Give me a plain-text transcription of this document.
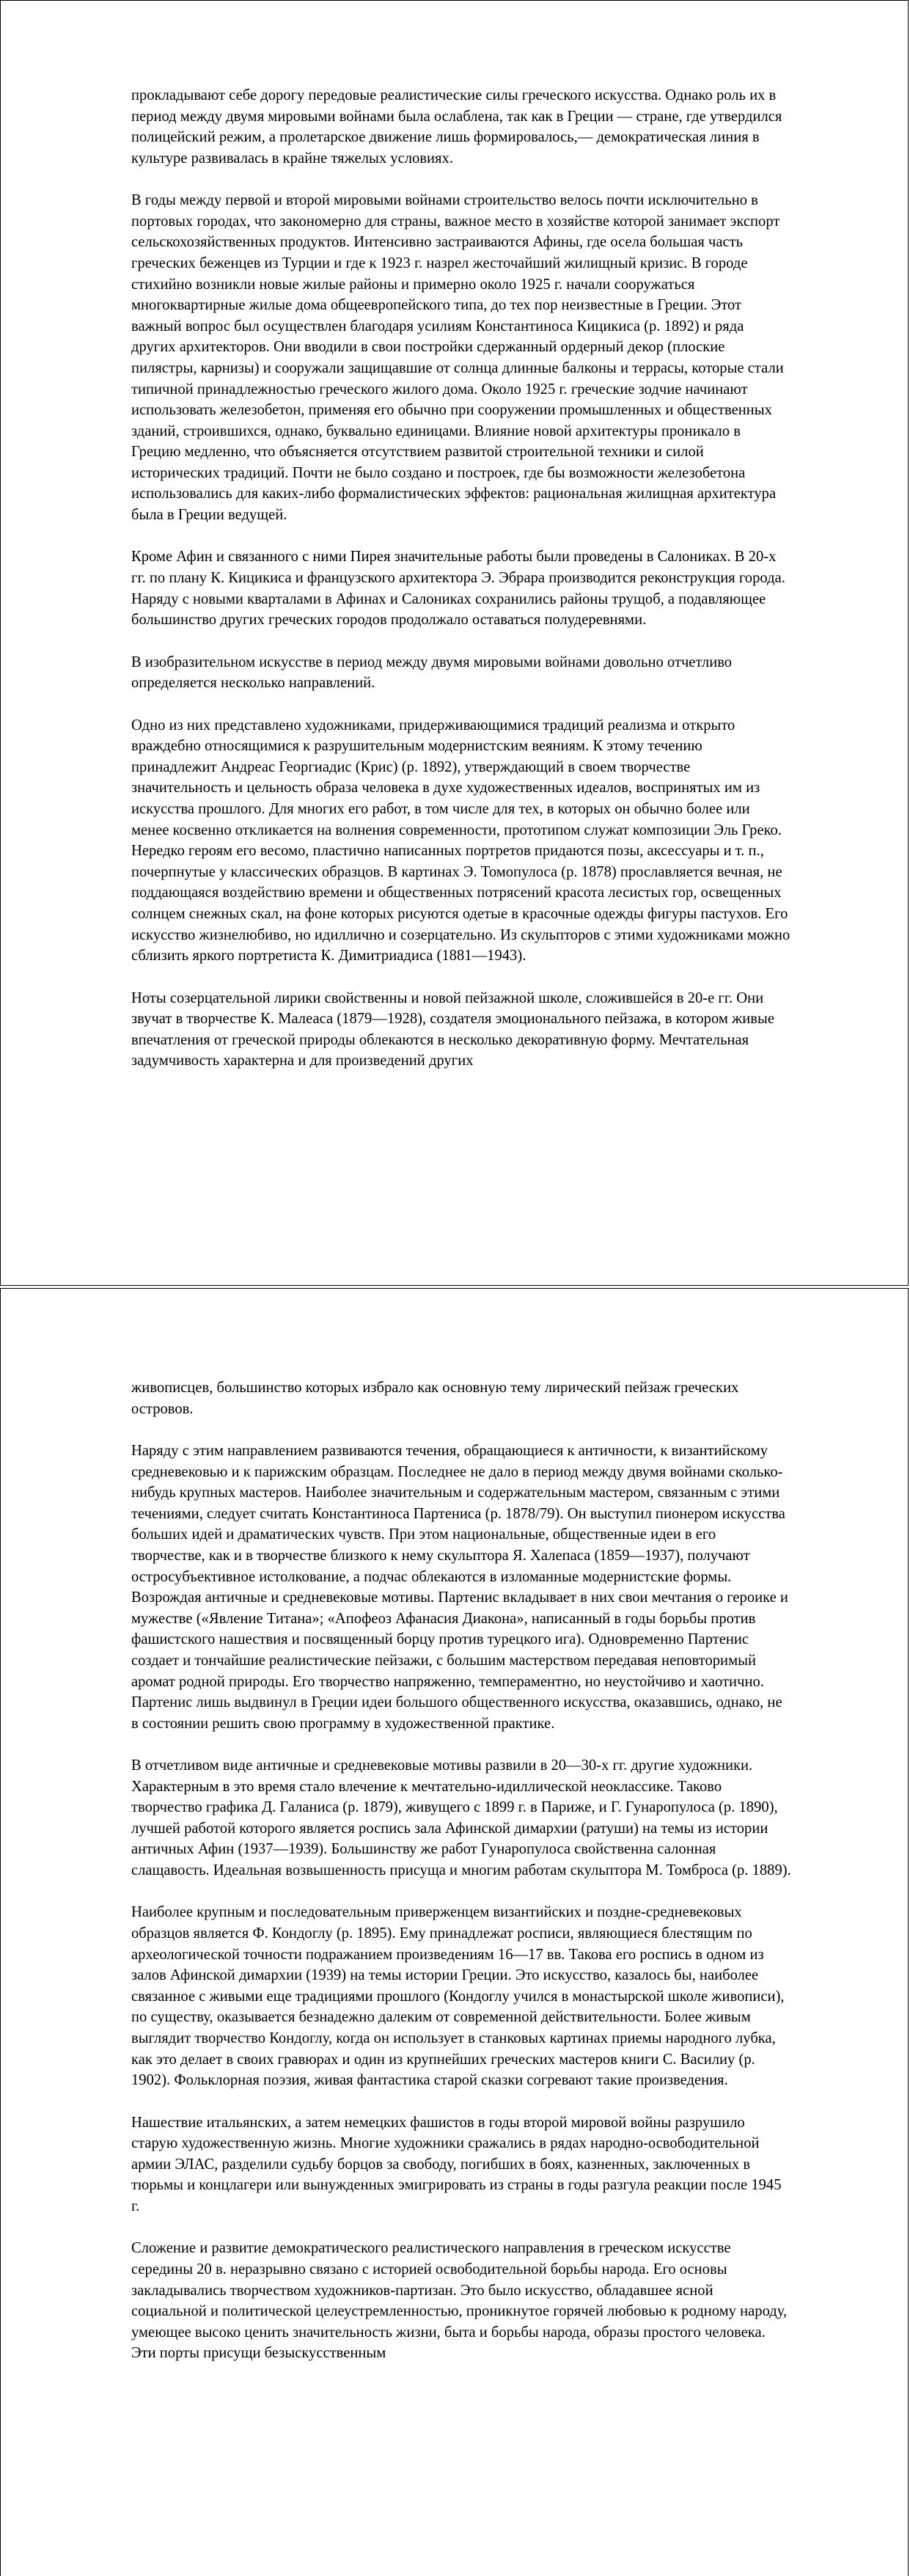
прокладывают себе дорогу передовые реалистические силы греческого искусства. Однако роль их в период между двумя мировыми войнами была ослаблена, так как в Греции — стране, где утвердился полицейский режим, а пролетарское движение лишь формировалось,— демократическая линия в культуре развивалась в крайне тяжелых условиях.

В годы между первой и второй мировыми войнами строительство велось почти исключительно в портовых городах, что закономерно для страны, важное место в хозяйстве которой занимает экспорт сельскохозяйственных продуктов. Интенсивно застраиваются Афины, где осела большая часть греческих беженцев из Турции и где к 1923 г. назрел жесточайший жилищный кризис. В городе стихийно возникли новые жилые районы и примерно около 1925 г. начали сооружаться многоквартирные жилые дома общеевропейского типа, до тех пор неизвестные в Греции. Этот важный вопрос был осуществлен благодаря усилиям Константиноса Кицикиса (р. 1892) и ряда других архитекторов. Они вводили в свои постройки сдержанный ордерный декор (плоские пилястры, карнизы) и сооружали защищавшие от солнца длинные балконы и террасы, которые стали типичной принадлежностью греческого жилого дома. Около 1925 г. греческие зодчие начинают использовать железобетон, применяя его обычно при сооружении промышленных и общественных зданий, строившихся, однако, буквально единицами. Влияние новой архитектуры проникало в Грецию медленно, что объясняется отсутствием развитой строительной техники и силой исторических традиций. Почти не было создано и построек, где бы возможности железобетона использовались для каких-либо формалистических эффектов: рациональная жилищная архитектура была в Греции ведущей.

Кроме Афин и связанного с ними Пирея значительные работы были проведены в Салониках. В 20-х гг. по плану К. Кицикиса и французского архитектора Э. Эбрара производится реконструкция города. Наряду с новыми кварталами в Афинах и Салониках сохранились районы трущоб, а подавляющее большинство других греческих городов продолжало оставаться полудеревнями.

В изобразительном искусстве в период между двумя мировыми войнами довольно отчетливо определяется несколько направлений.

Одно из них представлено художниками, придерживающимися традиций реализма и открыто враждебно относящимися к разрушительным модернистским веяниям. К этому течению принадлежит Андреас Георгиадис (Крис) (р. 1892), утверждающий в своем творчестве значительность и цельность образа человека в духе художественных идеалов, воспринятых им из искусства прошлого. Для многих его работ, в том числе для тех, в которых он обычно более или менее косвенно откликается на волнения современности, прототипом служат композиции Эль Греко. Нередко героям его весомо, пластично написанных портретов придаются позы, аксессуары и т. п., почерпнутые у классических образцов. В картинах Э. Томопулоса (р. 1878) прославляется вечная, не поддающаяся воздействию времени и общественных потрясений красота лесистых гор, освещенных солнцем снежных скал, на фоне которых рисуются одетые в красочные одежды фигуры пастухов. Его искусство жизнелюбиво, но идиллично и созерцательно. Из скульпторов с этими художниками можно сблизить яркого портретиста К. Димитриадиса (1881—1943).

Ноты созерцательной лирики свойственны и новой пейзажной школе, сложившейся в 20-е гг. Они звучат в творчестве К. Малеаса (1879—1928), создателя эмоционального пейзажа, в котором живые впечатления от греческой природы облекаются в несколько декоративную форму. Мечтательная задумчивость характерна и для произведений других

живописцев, большинство которых избрало как основную тему лирический пейзаж греческих островов.

Наряду с этим направлением развиваются течения, обращающиеся к античности, к византийскому средневековью и к парижским образцам. Последнее не дало в период между двумя войнами сколько-нибудь крупных мастеров. Наиболее значительным и содержательным мастером, связанным с этими течениями, следует считать Константиноса Партениса (р. 1878/79). Он выступил пионером искусства больших идей и драматических чувств. При этом национальные, общественные идеи в его творчестве, как и в творчестве близкого к нему скульптора Я. Халепаса (1859—1937), получают остросубъективное истолкование, а подчас облекаются в изломанные модернистские формы. Возрождая античные и средневековые мотивы. Партенис вкладывает в них свои мечтания о героике и мужестве («Явление Титана»; «Апофеоз Афанасия Диакона», написанный в годы борьбы против фашистского нашествия и посвященный борцу против турецкого ига). Одновременно Партенис создает и тончайшие реалистические пейзажи, с большим мастерством передавая неповторимый аромат родной природы. Его творчество напряженно, темпераментно, но неустойчиво и хаотично. Партенис лишь выдвинул в Греции идеи большого общественного искусства, оказавшись, однако, не в состоянии решить свою программу в художественной практике.

В отчетливом виде античные и средневековые мотивы развили в 20—30-х гг. другие художники. Характерным в это время стало влечение к мечтательно-идиллической неоклассике. Таково творчество графика Д. Галаниса (р. 1879), живущего с 1899 г. в Париже, и Г. Гунаропулоса (р. 1890), лучшей работой которого является роспись зала Афинской димархии (ратуши) на темы из истории античных Афин (1937—1939). Большинству же работ Гунаропулоса свойственна салонная слащавость. Идеальная возвышенность присуща и многим работам скульптора М. Томброса (р. 1889).

Наиболее крупным и последовательным приверженцем византийских и поздне-средневековых образцов является Ф. Кондоглу (р. 1895). Ему принадлежат росписи, являющиеся блестящим по археологической точности подражанием произведениям 16—17 вв. Такова его роспись в одном из залов Афинской димархии (1939) на темы истории Греции. Это искусство, казалось бы, наиболее связанное с живыми еще традициями прошлого (Кондоглу учился в монастырской школе живописи), по существу, оказывается безнадежно далеким от современной действительности. Более живым выглядит творчество Кондоглу, когда он использует в станковых картинах приемы народного лубка, как это делает в своих гравюрах и один из крупнейших греческих мастеров книги С. Василиу (р. 1902). Фольклорная поэзия, живая фантастика старой сказки согревают такие произведения.

Нашествие итальянских, а затем немецких фашистов в годы второй мировой войны разрушило старую художественную жизнь. Многие художники сражались в рядах народно-освободительной армии ЭЛАС, разделили судьбу борцов за свободу, погибших в боях, казненных, заключенных в тюрьмы и концлагери или вынужденных эмигрировать из страны в годы разгула реакции после 1945 г.

Сложение и развитие демократического реалистического направления в греческом искусстве середины 20 в. неразрывно связано с историей освободительной борьбы народа. Его основы закладывались творчеством художников-партизан. Это было искусство, обладавшее ясной социальной и политической целеустремленностью, проникнутое горячей любовью к родному народу, умеющее высоко ценить значительность жизни, быта и борьбы народа, образы простого человека. Эти порты присущи безыскусственным
